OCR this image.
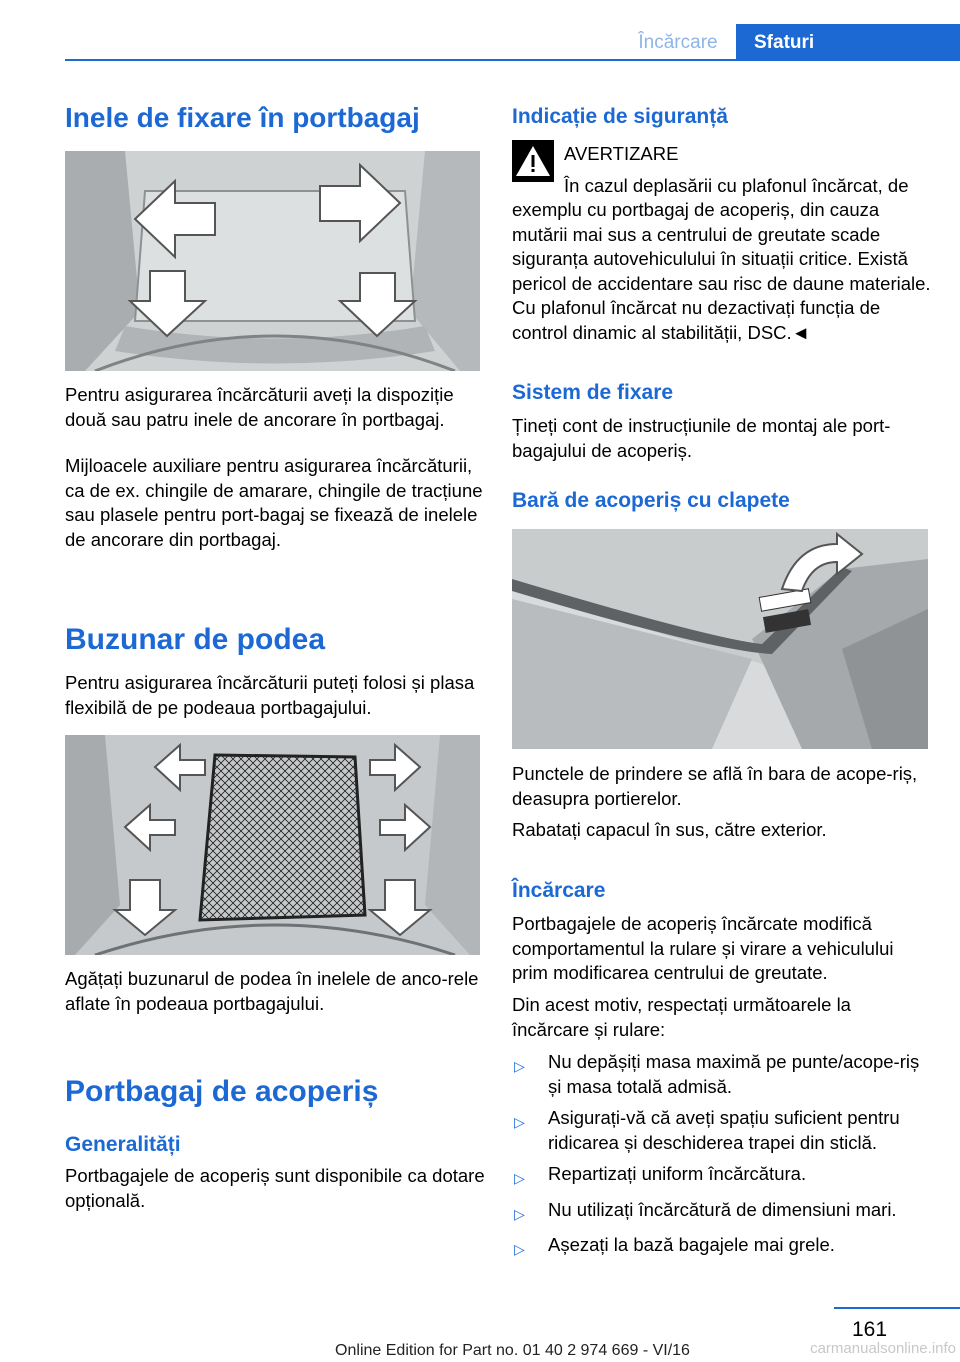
Încărcare	Sfaturi
Inele de fixare în portbagaj
Pentru asigurarea încărcăturii aveți la dispoziție două sau patru inele de ancorare în portbagaj.
Mijloacele auxiliare pentru asigurarea încărcăturii, ca de ex. chingile de amarare, chingile de tracțiune sau plasele pentru port-bagaj se fixează de inelele de ancorare din portbagaj.
Buzunar de podea
Pentru asigurarea încărcăturii puteți folosi și plasa flexibilă de pe podeaua portbagajului.
Agățați buzunarul de podea în inelele de anco-rele aflate în podeaua portbagajului.
Portbagaj de acoperiș
Generalități
Portbagajele de acoperiș sunt disponibile ca dotare opțională.
Indicație de siguranță
AVERTIZARE
În cazul deplasării cu plafonul încărcat, de
exemplu cu portbagaj de acoperiș, din cauza mutării mai sus a centrului de greutate scade siguranța autovehiculului în situații critice. Există pericol de accidentare sau risc de daune materiale. Cu plafonul încărcat nu dezactivați funcția de control dinamic al stabilității, DSC.◄
Sistem de fixare
Țineți cont de instrucțiunile de montaj ale port-bagajului de acoperiș.
Bară de acoperiș cu clapete
Punctele de prindere se află în bara de acope-riș, deasupra portierelor.
Rabatați capacul în sus, către exterior.
Încărcare
Portbagajele de acoperiș încărcate modifică comportamentul la rulare și virare a vehiculului prim modificarea centrului de greutate.
Din acest motiv, respectați următoarele la încărcare și rulare:
▷	Nu depășiți masa maximă pe punte/acope-riș și masa totală admisă.
▷	Asigurați-vă că aveți spațiu suficient pentru ridicarea și deschiderea trapei din sticlă.
▷	Repartizați uniform încărcătura.
▷	Nu utilizați încărcătură de dimensiuni mari.
▷	Așezați la bază bagajele mai grele.
161
Online Edition for Part no. 01 40 2 974 669 - VI/16	carmanualsonline.info
